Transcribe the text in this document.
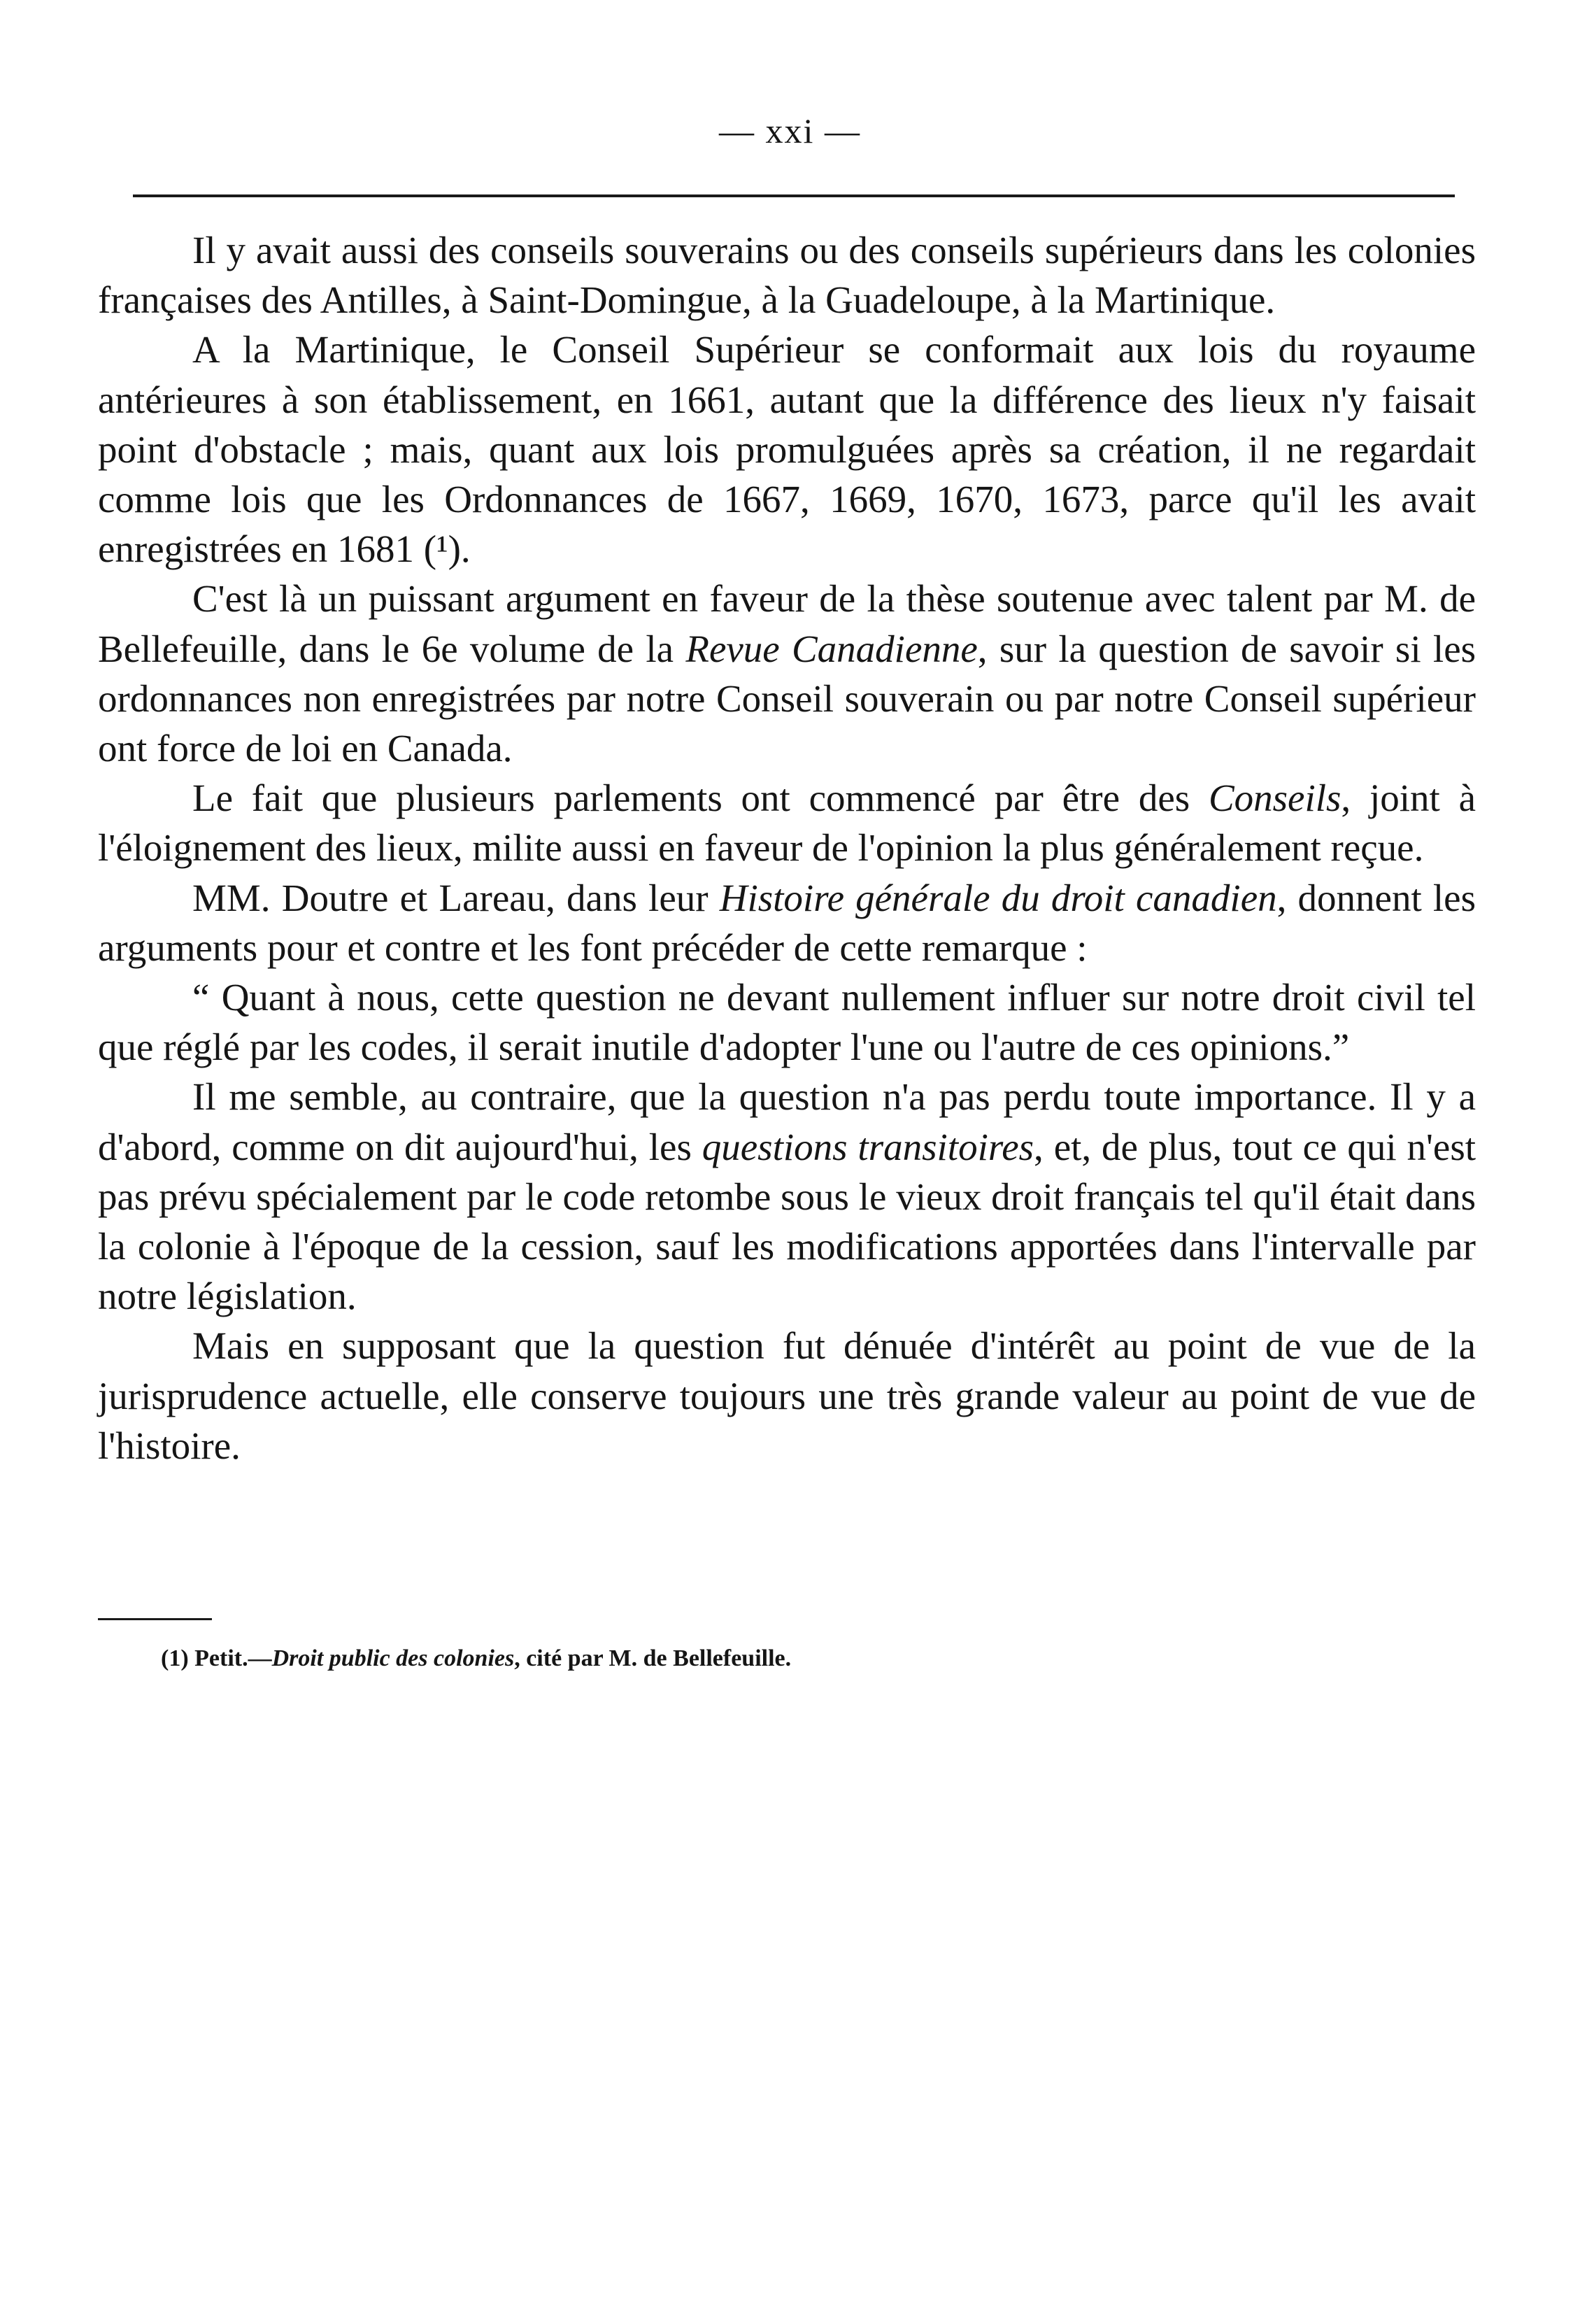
— xxi —

Il y avait aussi des conseils souverains ou des conseils supérieurs dans les colonies françaises des Antilles, à Saint-Domingue, à la Guadeloupe, à la Martinique.

A la Martinique, le Conseil Supérieur se conformait aux lois du royaume antérieures à son établissement, en 1661, autant que la différence des lieux n'y faisait point d'obstacle ; mais, quant aux lois promulguées après sa création, il ne regardait comme lois que les Ordonnances de 1667, 1669, 1670, 1673, parce qu'il les avait enregistrées en 1681 (¹).

C'est là un puissant argument en faveur de la thèse soutenue avec talent par M. de Bellefeuille, dans le 6e volume de la Revue Canadienne, sur la question de savoir si les ordonnances non enregistrées par notre Conseil souverain ou par notre Conseil supérieur ont force de loi en Canada.

Le fait que plusieurs parlements ont commencé par être des Conseils, joint à l'éloignement des lieux, milite aussi en faveur de l'opinion la plus généralement reçue.

MM. Doutre et Lareau, dans leur Histoire générale du droit canadien, donnent les arguments pour et contre et les font précéder de cette remarque :

“ Quant à nous, cette question ne devant nullement influer sur notre droit civil tel que réglé par les codes, il serait inutile d'adopter l'une ou l'autre de ces opinions.”

Il me semble, au contraire, que la question n'a pas perdu toute importance. Il y a d'abord, comme on dit aujourd'hui, les questions transitoires, et, de plus, tout ce qui n'est pas prévu spécialement par le code retombe sous le vieux droit français tel qu'il était dans la colonie à l'époque de la cession, sauf les modifications apportées dans l'intervalle par notre législation.

Mais en supposant que la question fut dénuée d'intérêt au point de vue de la jurisprudence actuelle, elle conserve toujours une très grande valeur au point de vue de l'histoire.

(1) Petit.—Droit public des colonies, cité par M. de Bellefeuille.
